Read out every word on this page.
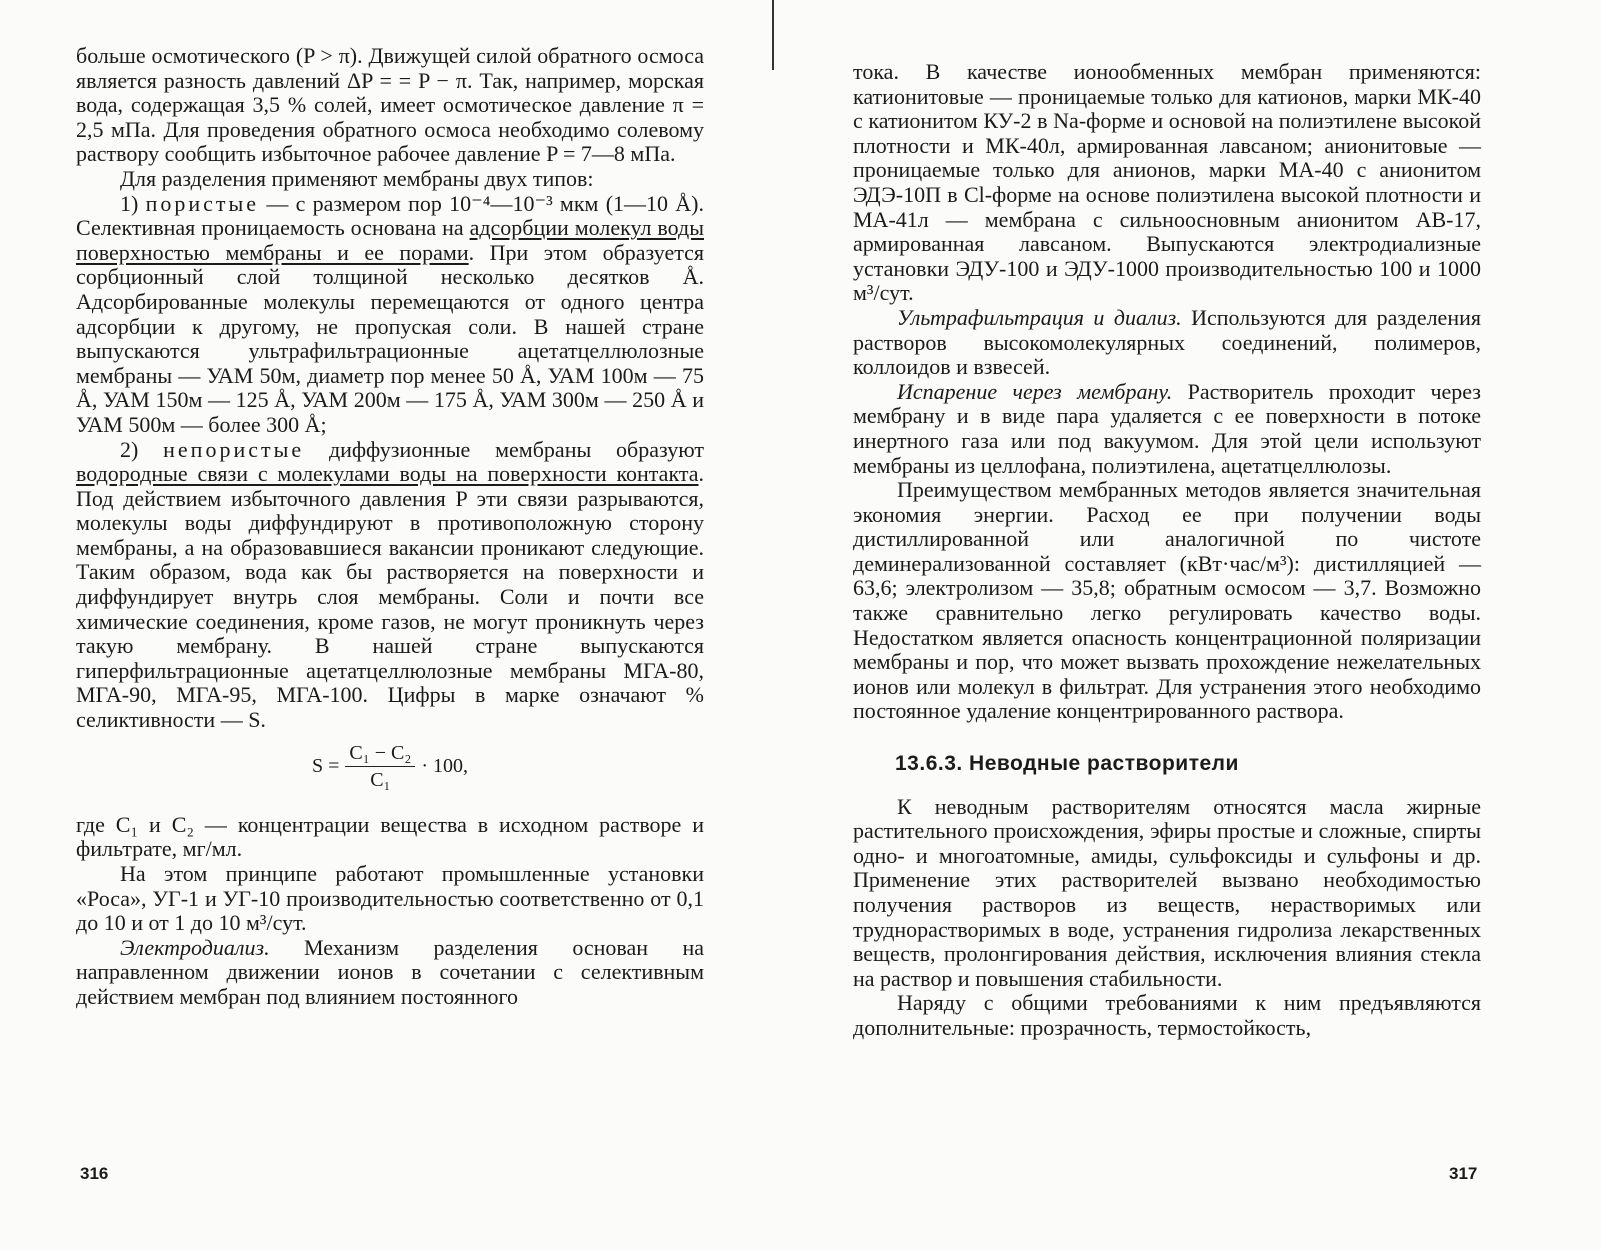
больше осмотического (P > π). Движущей силой обратного осмоса является разность давлений ΔP = = P − π. Так, например, морская вода, содержащая 3,5 % солей, имеет осмотическое давление π = 2,5 мПа. Для проведения обратного осмоса необходимо солевому раствору сообщить избыточное рабочее давление P = 7—8 мПа.

Для разделения применяют мембраны двух типов:

1) пористые — с размером пор 10⁻⁴—10⁻³ мкм (1—10 Å). Селективная проницаемость основана на адсорбции молекул воды поверхностью мембраны и ее порами. При этом образуется сорбционный слой толщиной несколько десятков Å. Адсорбированные молекулы перемещаются от одного центра адсорбции к другому, не пропуская соли. В нашей стране выпускаются ультрафильтрационные ацетатцеллюлозные мембраны — УАМ 50м, диаметр пор менее 50 Å, УАМ 100м — 75 Å, УАМ 150м — 125 Å, УАМ 200м — 175 Å, УАМ 300м — 250 Å и УАМ 500м — более 300 Å;

2) непористые диффузионные мембраны образуют водородные связи с молекулами воды на поверхности контакта. Под действием избыточного давления P эти связи разрываются, молекулы воды диффундируют в противоположную сторону мембраны, а на образовавшиеся вакансии проникают следующие. Таким образом, вода как бы растворяется на поверхности и диффундирует внутрь слоя мембраны. Соли и почти все химические соединения, кроме газов, не могут проникнуть через такую мембрану. В нашей стране выпускаются гиперфильтрационные ацетатцеллюлозные мембраны МГА-80, МГА-90, МГА-95, МГА-100. Цифры в марке означают % селиктивности — S.

$S = \frac{\text{C₁ − C₂}}{\text{C₁}} \cdot 100$,

где C₁ и C₂ — концентрации вещества в исходном растворе и фильтрате, мг/мл.

На этом принципе работают промышленные установки «Роса», УГ-1 и УГ-10 производительностью соответственно от 0,1 до 10 и от 1 до 10 м³/сут.

Электродиализ. Механизм разделения основан на направленном движении ионов в сочетании с селективным действием мембран под влиянием постоянного

316

тока. В качестве ионообменных мембран применяются: катионитовые — проницаемые только для катионов, марки МК-40 с катионитом КУ-2 в Na-форме и основой на полиэтилене высокой плотности и МК-40л, армированная лавсаном; анионитовые — проницаемые только для анионов, марки МА-40 с анионитом ЭДЭ-10П в Cl-форме на основе полиэтилена высокой плотности и МА-41л — мембрана с сильноосновным анионитом АВ-17, армированная лавсаном. Выпускаются электродиализные установки ЭДУ-100 и ЭДУ-1000 производительностью 100 и 1000 м³/сут.

Ультрафильтрация и диализ. Используются для разделения растворов высокомолекулярных соединений, полимеров, коллоидов и взвесей.

Испарение через мембрану. Растворитель проходит через мембрану и в виде пара удаляется с ее поверхности в потоке инертного газа или под вакуумом. Для этой цели используют мембраны из целлофана, полиэтилена, ацетатцеллюлозы.

Преимуществом мембранных методов является значительная экономия энергии. Расход ее при получении воды дистиллированной или аналогичной по чистоте деминерализованной составляет (кВт·час/м³): дистилляцией — 63,6; электролизом — 35,8; обратным осмосом — 3,7. Возможно также сравнительно легко регулировать качество воды. Недостатком является опасность концентрационной поляризации мембраны и пор, что может вызвать прохождение нежелательных ионов или молекул в фильтрат. Для устранения этого необходимо постоянное удаление концентрированного раствора.

13.6.3. Неводные растворители

К неводным растворителям относятся масла жирные растительного происхождения, эфиры простые и сложные, спирты одно- и многоатомные, амиды, сульфоксиды и сульфоны и др. Применение этих растворителей вызвано необходимостью получения растворов из веществ, нерастворимых или труднорастворимых в воде, устранения гидролиза лекарственных веществ, пролонгирования действия, исключения влияния стекла на раствор и повышения стабильности.

Наряду с общими требованиями к ним предъявляются дополнительные: прозрачность, термостойкость,

317
